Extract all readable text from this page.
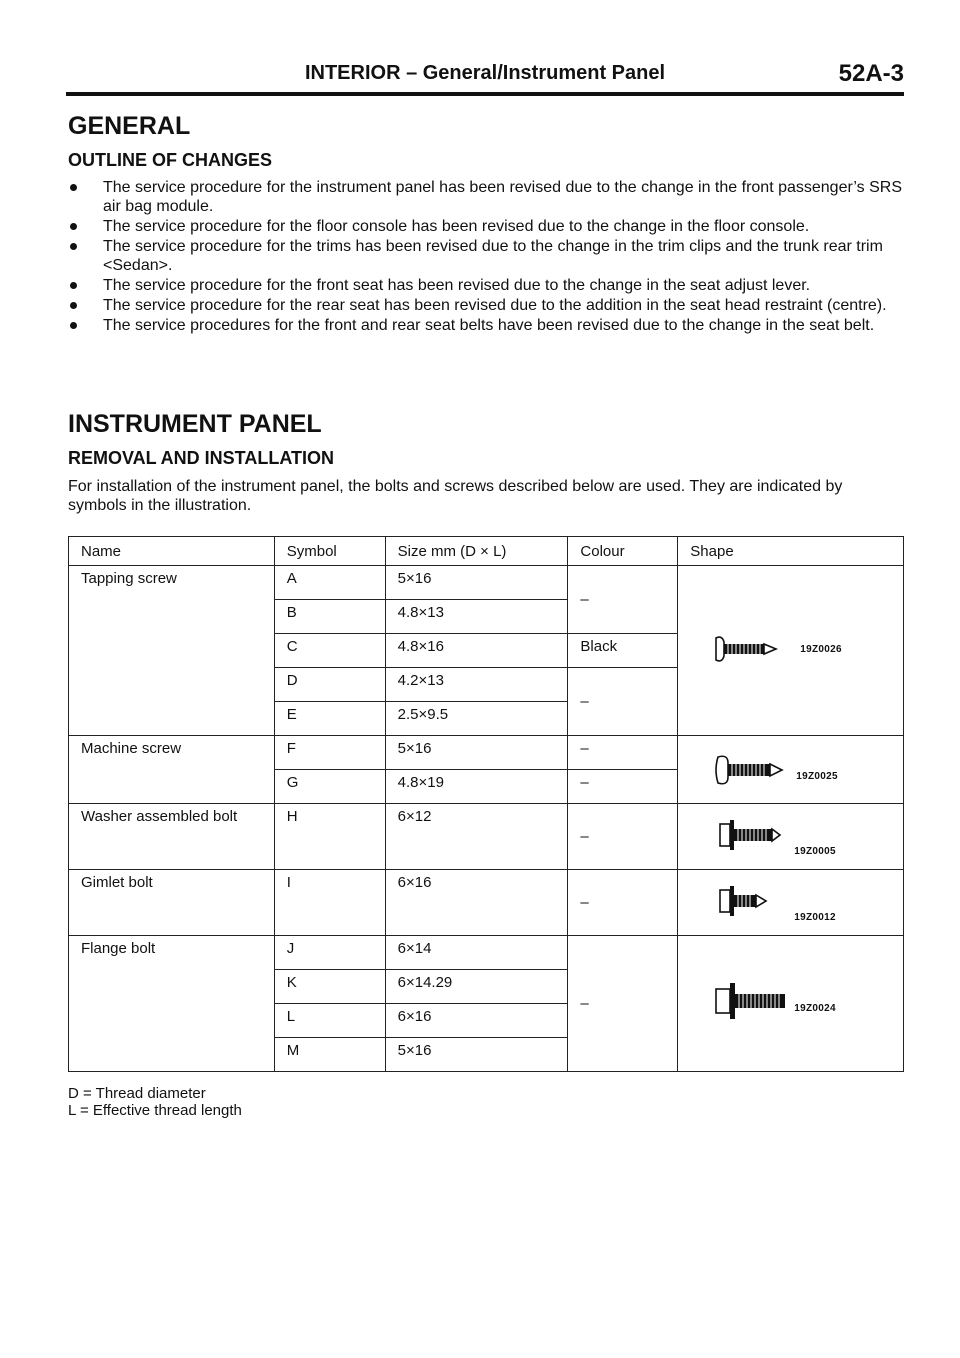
INTERIOR – General/Instrument Panel	52A-3
GENERAL
OUTLINE OF CHANGES
The service procedure for the instrument panel has been revised due to the change in the front passenger’s SRS air bag module.
The service procedure for the floor console has been revised due to the change in the floor console.
The service procedure for the trims has been revised due to the change in the trim clips and the trunk rear trim <Sedan>.
The service procedure for the front seat has been revised due to the change in the seat adjust lever.
The service procedure for the rear seat has been revised due to the addition in the seat head restraint (centre).
The service procedures for the front and rear seat belts have been revised due to the change in the seat belt.
INSTRUMENT PANEL
REMOVAL AND INSTALLATION
For installation of the instrument panel, the bolts and screws described below are used. They are indicated by symbols in the illustration.
Name	Symbol	Size mm (D × L)	Colour	Shape
Tapping screw	A	5×16	–	19Z0026

	B	4.8×13		
	C	4.8×16	Black	
	D	4.2×13	–	
	E	2.5×9.5		
Machine screw	F	5×16	–	19Z0025

	G	4.8×19	–	
Washer assembled bolt	H	6×12	–	19Z0005

Gimlet bolt	I	6×16	–	19Z0012

Flange bolt	J	6×14	–	19Z0024

	K	6×14.29		
	L	6×16		
	M	5×16		
D = Thread diameter
L = Effective thread length
